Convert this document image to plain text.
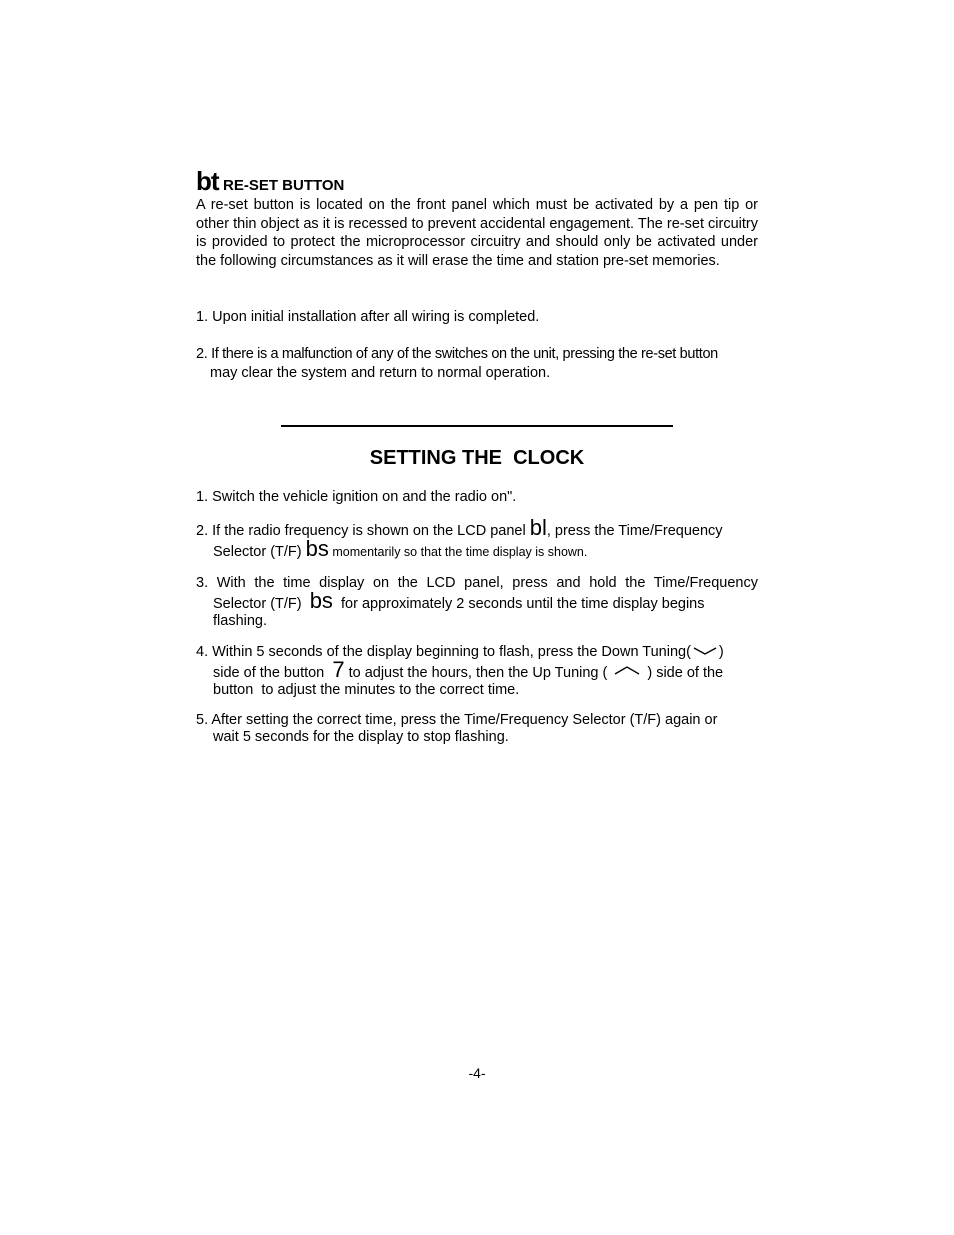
bt RE-SET BUTTON
A re-set button is located on the front panel which must be activated by a pen tip or other thin object as it is recessed to prevent accidental engagement. The re-set circuitry is provided to protect the microprocessor circuitry and should only be activated under the following circumstances as it will erase the time and station pre-set memories.
1. Upon initial installation after all wiring is completed.
2. If there is a malfunction of any of the switches on the unit, pressing the re-set button
may clear the system and return to normal operation.
SETTING THE  CLOCK
1. Switch the vehicle ignition on and the radio on".
2. If the radio frequency is shown on the LCD panel bl, press the Time/Frequency
Selector (T/F) bs momentarily so that the time display is shown.
3. With the time display on the LCD panel, press and hold the Time/Frequency
Selector (T/F)  bs  for approximately 2 seconds until the time display begins
flashing.
4. Within 5 seconds of the display beginning to flash, press the Down Tuning( )
side of the button  7 to adjust the hours, then the Up Tuning (	) side of the
button  to adjust the minutes to the correct time.
5. After setting the correct time, press the Time/Frequency Selector (T/F) again or
wait 5 seconds for the display to stop flashing.
-4-
